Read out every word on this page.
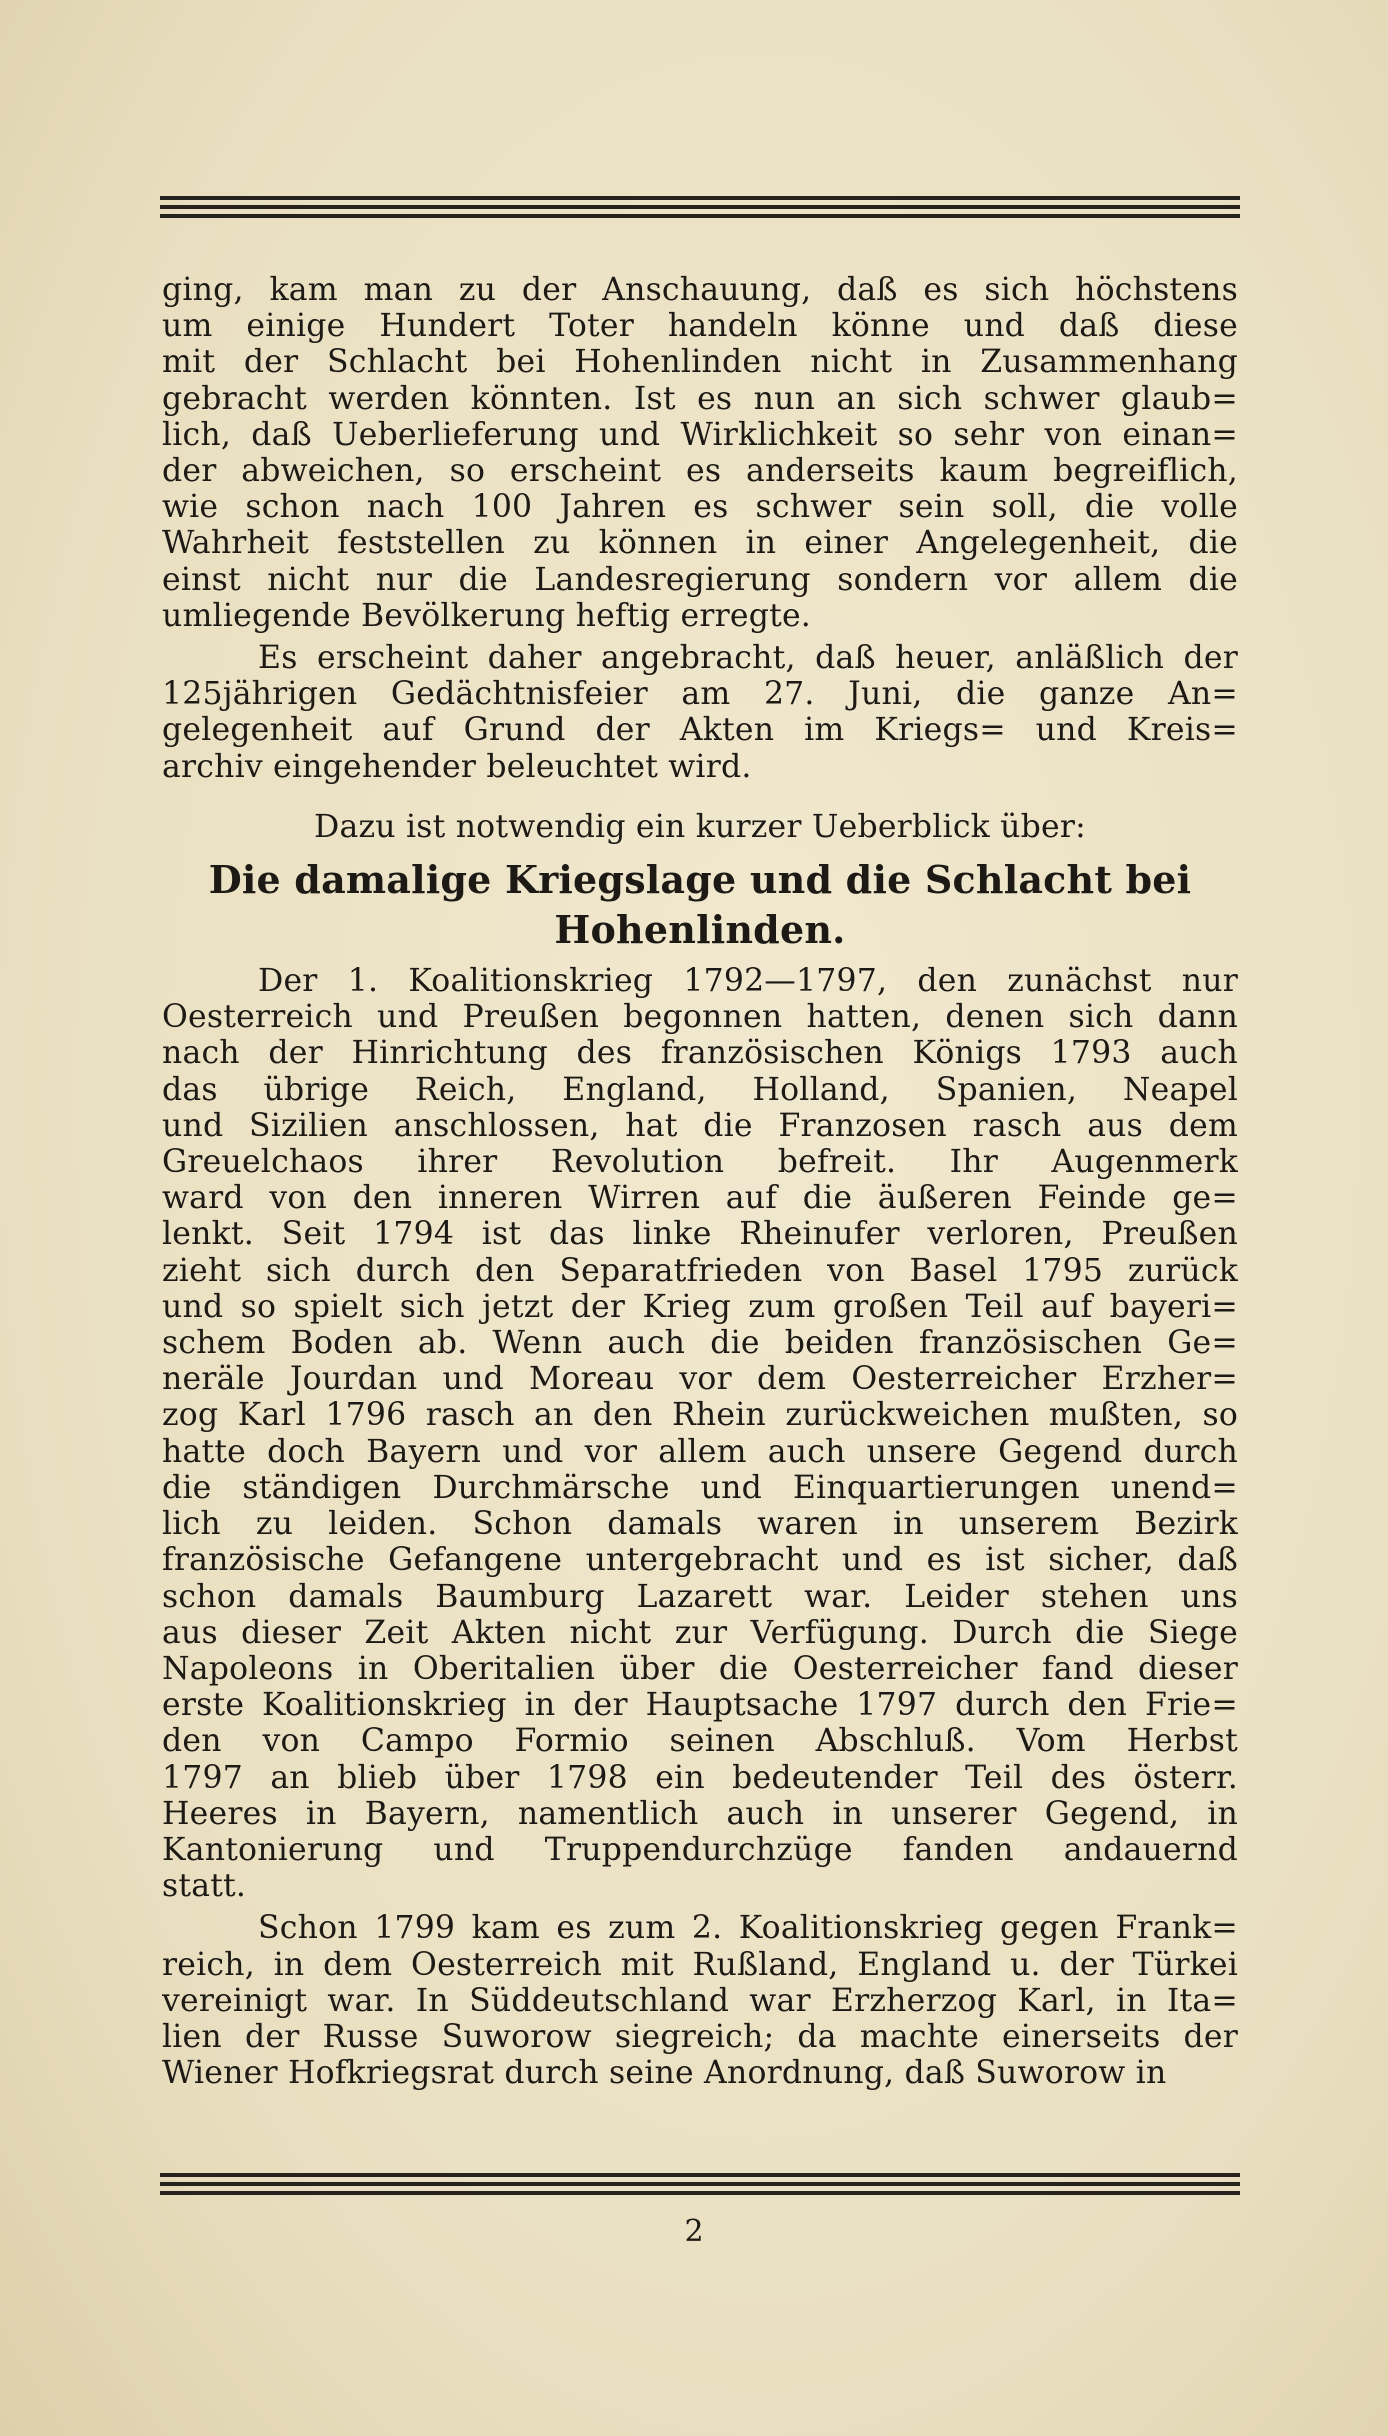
ging, kam man zu der Anschauung, daß es sich höchstens
um einige Hundert Toter handeln könne und daß diese
mit der Schlacht bei Hohenlinden nicht in Zusammenhang
gebracht werden könnten. Ist es nun an sich schwer glaub=
lich, daß Ueberlieferung und Wirklichkeit so sehr von einan=
der abweichen, so erscheint es anderseits kaum begreiflich,
wie schon nach 100 Jahren es schwer sein soll, die volle
Wahrheit feststellen zu können in einer Angelegenheit, die
einst nicht nur die Landesregierung sondern vor allem die
umliegende Bevölkerung heftig erregte.

Es erscheint daher angebracht, daß heuer, anläßlich der
125jährigen Gedächtnisfeier am 27. Juni, die ganze An=
gelegenheit auf Grund der Akten im Kriegs= und Kreis=
archiv eingehender beleuchtet wird.

Dazu ist notwendig ein kurzer Ueberblick über:
Die damalige Kriegslage und die Schlacht bei
Hohenlinden.

Der 1. Koalitionskrieg 1792—1797, den zunächst nur
Oesterreich und Preußen begonnen hatten, denen sich dann
nach der Hinrichtung des französischen Königs 1793 auch
das übrige Reich, England, Holland, Spanien, Neapel
und Sizilien anschlossen, hat die Franzosen rasch aus dem
Greuelchaos ihrer Revolution befreit. Ihr Augenmerk
ward von den inneren Wirren auf die äußeren Feinde ge=
lenkt. Seit 1794 ist das linke Rheinufer verloren, Preußen
zieht sich durch den Separatfrieden von Basel 1795 zurück
und so spielt sich jetzt der Krieg zum großen Teil auf bayeri=
schem Boden ab. Wenn auch die beiden französischen Ge=
neräle Jourdan und Moreau vor dem Oesterreicher Erzher=
zog Karl 1796 rasch an den Rhein zurückweichen mußten, so
hatte doch Bayern und vor allem auch unsere Gegend durch
die ständigen Durchmärsche und Einquartierungen unend=
lich zu leiden. Schon damals waren in unserem Bezirk
französische Gefangene untergebracht und es ist sicher, daß
schon damals Baumburg Lazarett war. Leider stehen uns
aus dieser Zeit Akten nicht zur Verfügung. Durch die Siege
Napoleons in Oberitalien über die Oesterreicher fand dieser
erste Koalitionskrieg in der Hauptsache 1797 durch den Frie=
den von Campo Formio seinen Abschluß. Vom Herbst
1797 an blieb über 1798 ein bedeutender Teil des österr.
Heeres in Bayern, namentlich auch in unserer Gegend, in
Kantonierung und Truppendurchzüge fanden andauernd
statt.

Schon 1799 kam es zum 2. Koalitionskrieg gegen Frank=
reich, in dem Oesterreich mit Rußland, England u. der Türkei
vereinigt war. In Süddeutschland war Erzherzog Karl, in Ita=
lien der Russe Suworow siegreich; da machte einerseits der
Wiener Hofkriegsrat durch seine Anordnung, daß Suworow in

2
